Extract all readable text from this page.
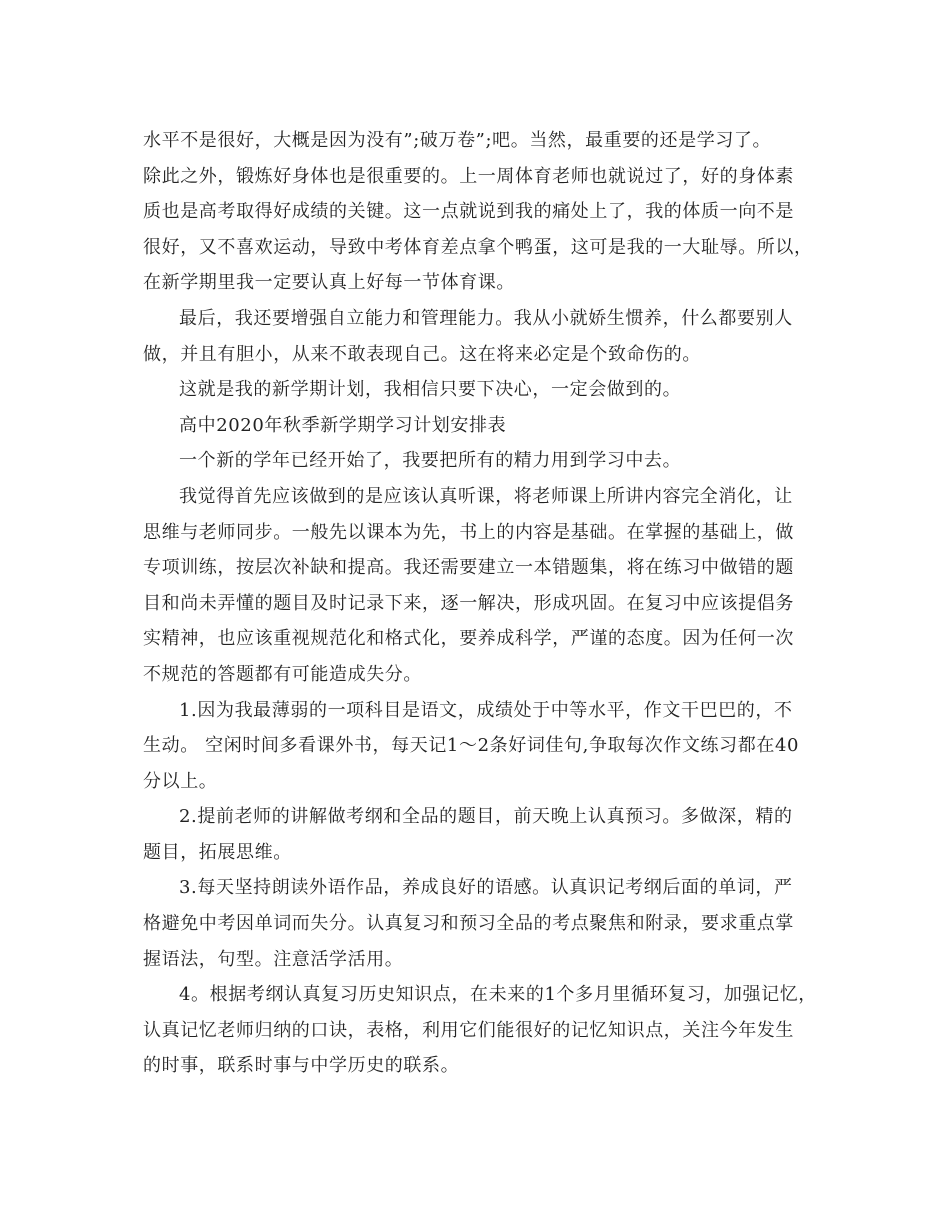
水平不是很好，大概是因为没有”;破万卷”;吧。当然，最重要的还是学习了。
除此之外，锻炼好身体也是很重要的。上一周体育老师也就说过了，好的身体素
质也是高考取得好成绩的关键。这一点就说到我的痛处上了，我的体质一向不是
很好，又不喜欢运动，导致中考体育差点拿个鸭蛋，这可是我的一大耻辱。所以，
在新学期里我一定要认真上好每一节体育课。
最后，我还要增强自立能力和管理能力。我从小就娇生惯养，什么都要别人
做，并且有胆小，从来不敢表现自己。这在将来必定是个致命伤的。
这就是我的新学期计划，我相信只要下决心，一定会做到的。
高中2020年秋季新学期学习计划安排表
一个新的学年已经开始了，我要把所有的精力用到学习中去。
我觉得首先应该做到的是应该认真听课，将老师课上所讲内容完全消化，让
思维与老师同步。一般先以课本为先，书上的内容是基础。在掌握的基础上，做
专项训练，按层次补缺和提高。我还需要建立一本错题集，将在练习中做错的题
目和尚未弄懂的题目及时记录下来，逐一解决，形成巩固。在复习中应该提倡务
实精神，也应该重视规范化和格式化，要养成科学，严谨的态度。因为任何一次
不规范的答题都有可能造成失分。
1.因为我最薄弱的一项科目是语文，成绩处于中等水平，作文干巴巴的，不
生动。 空闲时间多看课外书，每天记1～2条好词佳句,争取每次作文练习都在40
分以上。
2.提前老师的讲解做考纲和全品的题目，前天晚上认真预习。多做深，精的
题目，拓展思维。
3.每天坚持朗读外语作品，养成良好的语感。认真识记考纲后面的单词，严
格避免中考因单词而失分。认真复习和预习全品的考点聚焦和附录，要求重点掌
握语法，句型。注意活学活用。
4。根据考纲认真复习历史知识点，在未来的1个多月里循环复习，加强记忆，
认真记忆老师归纳的口诀，表格，利用它们能很好的记忆知识点，关注今年发生
的时事，联系时事与中学历史的联系。
